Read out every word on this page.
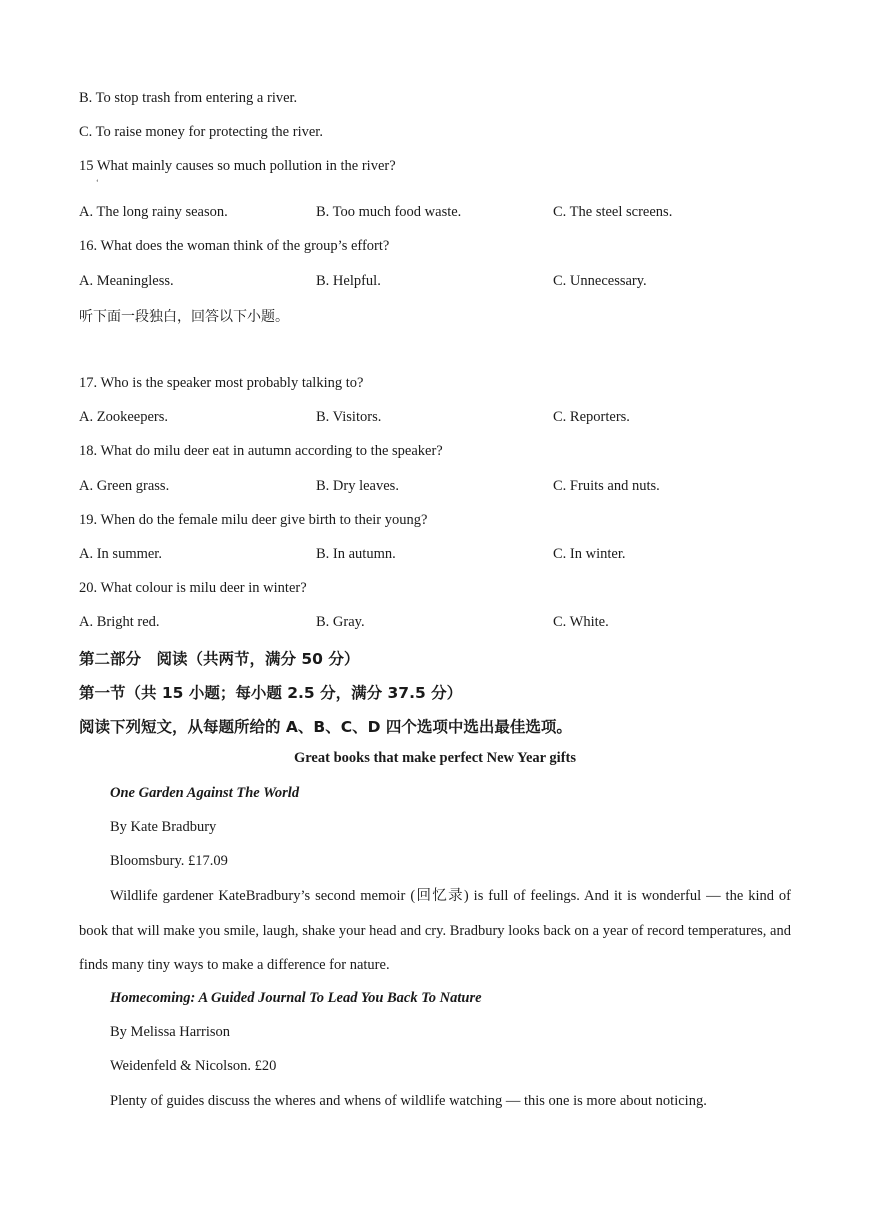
B. To stop trash from entering a river.
C. To raise money for protecting the river.
15 What mainly causes so much pollution in the river?
ʻ
A. The long rainy season.	B. Too much food waste.	C. The steel screens.
16. What does the woman think of the group’s effort?
A. Meaningless.	B. Helpful.	C. Unnecessary.
听下面一段独白，回答以下小题。
17. Who is the speaker most probably talking to?
A. Zookeepers.	B. Visitors.	C. Reporters.
18. What do milu deer eat in autumn according to the speaker?
A. Green grass.	B. Dry leaves.	C. Fruits and nuts.
19. When do the female milu deer give birth to their young?
A. In summer.	B. In autumn.	C. In winter.
20. What colour is milu deer in winter?
A. Bright red.	B. Gray.	C. White.
第二部分　阅读（共两节，满分 50 分）
第一节（共 15 小题；每小题 2.5 分，满分 37.5 分）
阅读下列短文，从每题所给的 A、B、C、D 四个选项中选出最佳选项。
Great books that make perfect New Year gifts
One Garden Against The World
By Kate Bradbury
Bloomsbury. £17.09
Wildlife gardener KateBradbury’s second memoir (回忆录) is full of feelings. And it is wonderful — the kind of book that will make you smile, laugh, shake your head and cry. Bradbury looks back on a year of record temperatures, and finds many tiny ways to make a difference for nature.
Homecoming: A Guided Journal To Lead You Back To Nature
By Melissa Harrison
Weidenfeld & Nicolson. £20
Plenty of guides discuss the wheres and whens of wildlife watching — this one is more about noticing.
